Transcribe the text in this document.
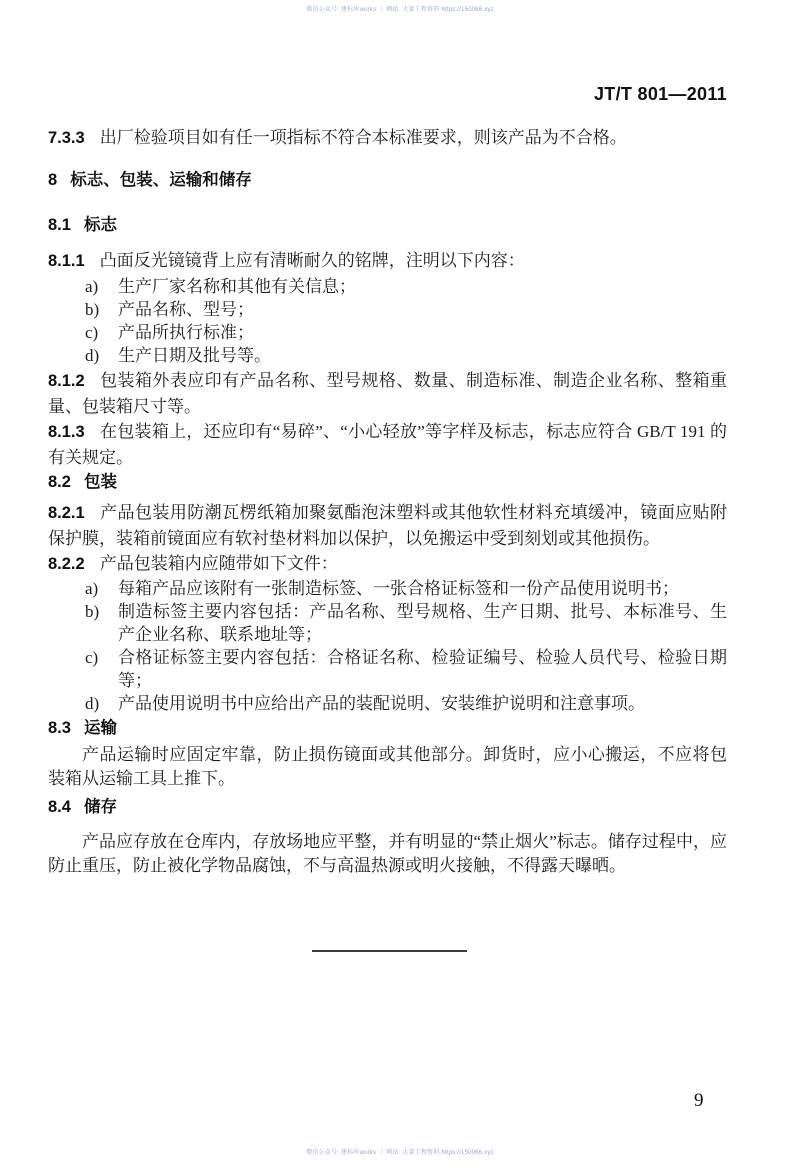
微信公众号: 建标库works ｜ 网站: 大量工程资料 https://150066.xyz
JT/T 801—2011
7.3.3 出厂检验项目如有任一项指标不符合本标准要求，则该产品为不合格。
8 标志、包装、运输和储存
8.1 标志
8.1.1 凸面反光镜镜背上应有清晰耐久的铭牌，注明以下内容：
a)	生产厂家名称和其他有关信息；
b)	产品名称、型号；
c)	产品所执行标准；
d)	生产日期及批号等。
8.1.2 包装箱外表应印有产品名称、型号规格、数量、制造标准、制造企业名称、整箱重量、包装箱尺寸等。
8.1.3 在包装箱上，还应印有“易碎”、“小心轻放”等字样及标志，标志应符合 GB/T 191 的有关规定。
8.2 包装
8.2.1 产品包装用防潮瓦楞纸箱加聚氨酯泡沫塑料或其他软性材料充填缓冲，镜面应贴附保护膜，装箱前镜面应有软衬垫材料加以保护，以免搬运中受到刻划或其他损伤。
8.2.2 产品包装箱内应随带如下文件：
a)	每箱产品应该附有一张制造标签、一张合格证标签和一份产品使用说明书；
b)	制造标签主要内容包括：产品名称、型号规格、生产日期、批号、本标准号、生产企业名称、联系地址等；
c)	合格证标签主要内容包括：合格证名称、检验证编号、检验人员代号、检验日期等；
d)	产品使用说明书中应给出产品的装配说明、安装维护说明和注意事项。
8.3 运输
产品运输时应固定牢靠，防止损伤镜面或其他部分。卸货时，应小心搬运，不应将包装箱从运输工具上推下。
8.4 储存
产品应存放在仓库内，存放场地应平整，并有明显的“禁止烟火”标志。储存过程中，应防止重压，防止被化学物品腐蚀，不与高温热源或明火接触，不得露天曝晒。
9
微信公众号: 建标库works ｜ 网站: 大量工程资料 https://150066.xyz
